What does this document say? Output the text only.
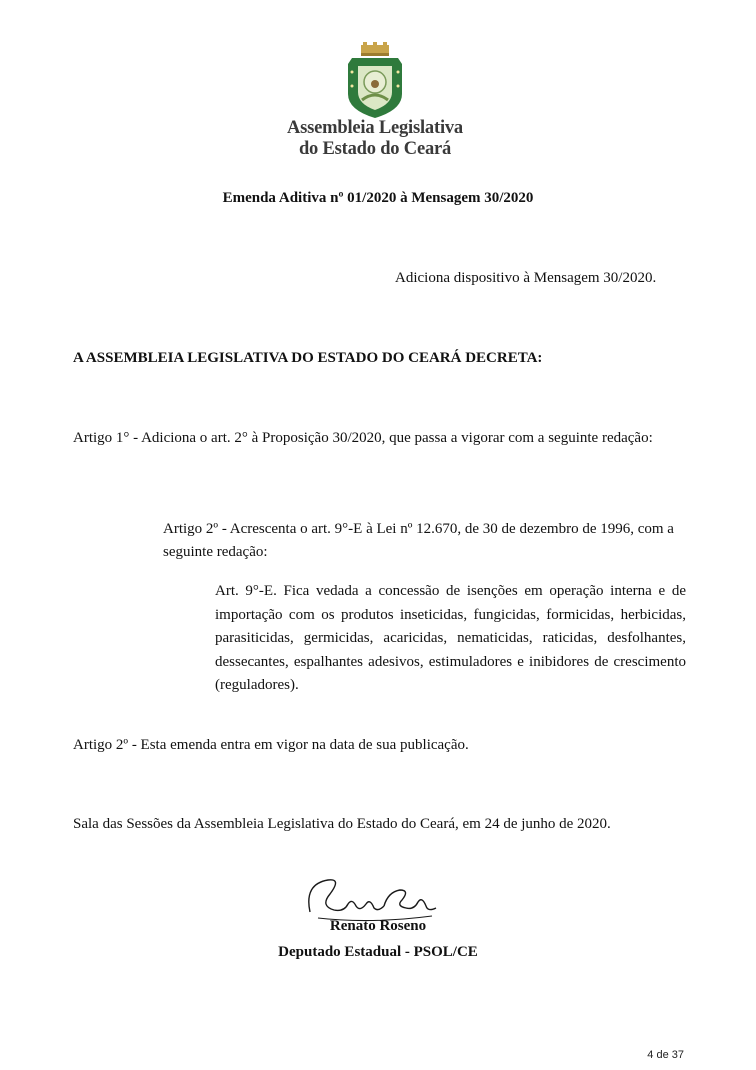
Assembleia Legislativa
do Estado do Ceará

Emenda Aditiva nº 01/2020 à Mensagem 30/2020

Adiciona dispositivo à Mensagem 30/2020.

A ASSEMBLEIA LEGISLATIVA DO ESTADO DO CEARÁ DECRETA:

Artigo 1° - Adiciona o art. 2° à Proposição 30/2020, que passa a vigorar com a seguinte redação:

Artigo 2º - Acrescenta o art. 9°-E à Lei nº 12.670, de 30 de dezembro de 1996, com a seguinte redação:

Art. 9°-E. Fica vedada a concessão de isenções em operação interna e de importação com os produtos inseticidas, fungicidas, formicidas, herbicidas, parasiticidas, germicidas, acaricidas, nematicidas, raticidas, desfolhantes, dessecantes, espalhantes adesivos, estimuladores e inibidores de crescimento (reguladores).

Artigo 2º - Esta emenda entra em vigor na data de sua publicação.

Sala das Sessões da Assembleia Legislativa do Estado do Ceará, em 24 de junho de 2020.

Renato Roseno

Deputado Estadual - PSOL/CE

4 de 37
